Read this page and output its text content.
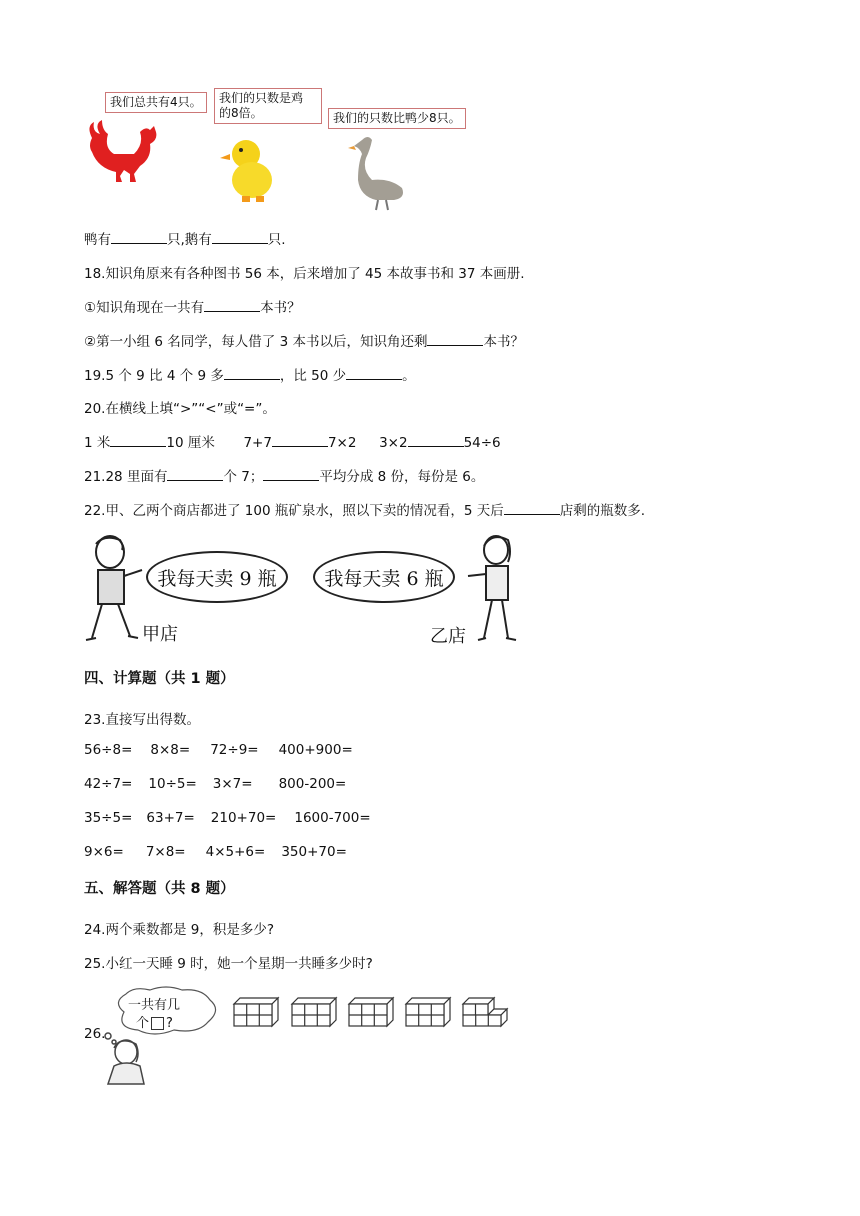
我们总共有4只。	我们的只数是鸡
的8倍。	我们的只数比鸭少8只。
鸭有	只,鹅有	只.
18.知识角原来有各种图书 56 本，后来增加了 45 本故事书和 37 本画册.
①知识角现在一共有	本书？
②第一小组 6 名同学，每人借了 3 本书以后，知识角还剩	本书？
19.5 个 9 比 4 个 9 多	，比 50 少	。
20.在横线上填“>”“<”或“=”。
1 米	10 厘米 7+7	7×2 3×2	54÷6
21.28 里面有	个 7；	平均分成 8 份，每份是 6。
22.甲、乙两个商店都进了 100 瓶矿泉水，照以下卖的情况看，5 天后	店剩的瓶数多.
我每天卖 9 瓶
甲店
我每天卖 6 瓶
乙店
四、计算题（共 1 题）
23.直接写出得数。
56÷8= 8×8= 72÷9= 400+900=
42÷7= 10÷5= 3×7= 800-200=
35÷5= 63+7= 210+70= 1600-700=
9×6= 7×8= 4×5+6= 350+70=
五、解答题（共 8 题）
24.两个乘数都是 9，积是多少?
25.小红一天睡 9 时，她一个星期一共睡多少时?
26.
一共有几
个 ?
